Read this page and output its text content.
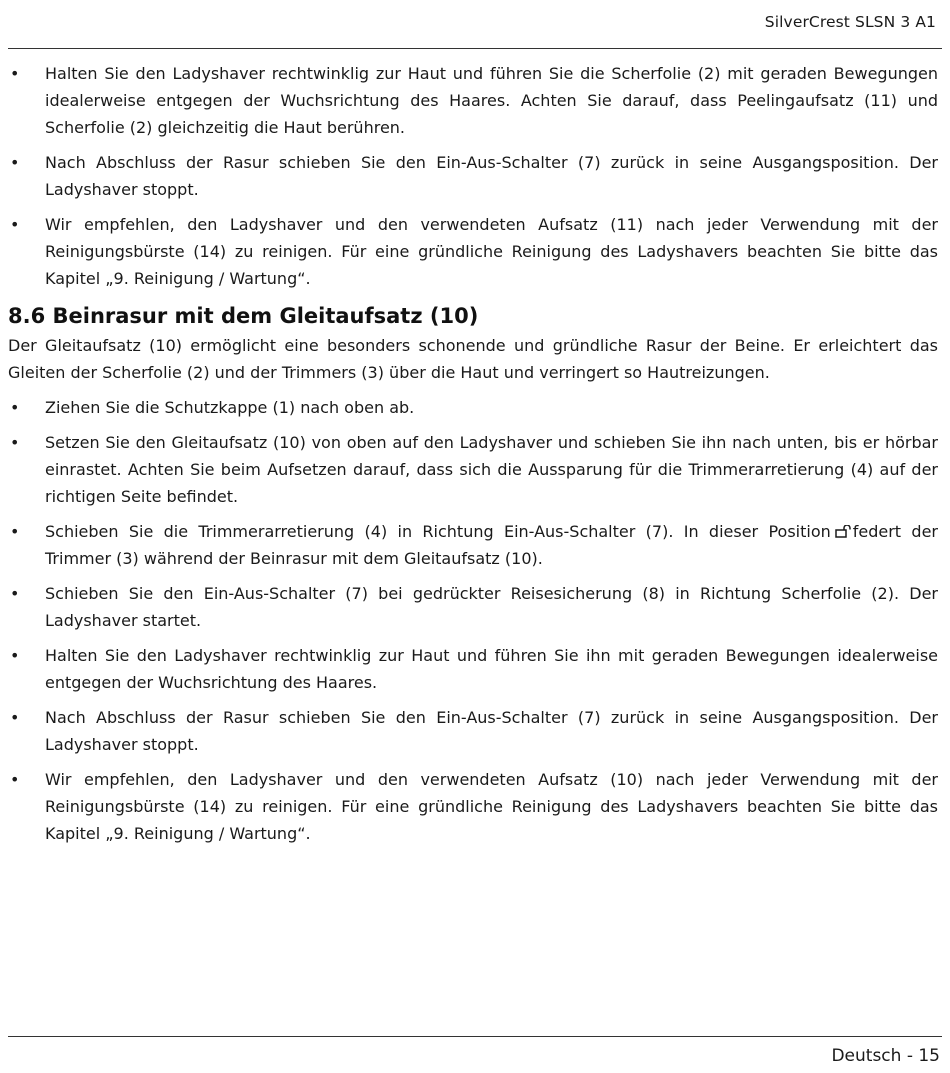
SilverCrest SLSN 3 A1
• Halten Sie den Ladyshaver rechtwinklig zur Haut und führen Sie die Scherfolie (2) mit geraden Bewegungen idealerweise entgegen der Wuchsrichtung des Haares. Achten Sie darauf, dass Peelingaufsatz (11) und Scherfolie (2) gleichzeitig die Haut berühren.
• Nach Abschluss der Rasur schieben Sie den Ein-Aus-Schalter (7) zurück in seine Ausgangsposition. Der Ladyshaver stoppt.
• Wir empfehlen, den Ladyshaver und den verwendeten Aufsatz (11) nach jeder Verwendung mit der Reinigungsbürste (14) zu reinigen. Für eine gründliche Reinigung des Ladyshavers beachten Sie bitte das Kapitel „9. Reinigung / Wartung“.
8.6 Beinrasur mit dem Gleitaufsatz (10)
Der Gleitaufsatz (10) ermöglicht eine besonders schonende und gründliche Rasur der Beine. Er erleichtert das Gleiten der Scherfolie (2) und der Trimmers (3) über die Haut und verringert so Hautreizungen.
• Ziehen Sie die Schutzkappe (1) nach oben ab.
• Setzen Sie den Gleitaufsatz (10) von oben auf den Ladyshaver und schieben Sie ihn nach unten, bis er hörbar einrastet. Achten Sie beim Aufsetzen darauf, dass sich die Aussparung für die Trimmerarretierung (4) auf der richtigen Seite befindet.
• Schieben Sie die Trimmerarretierung (4) in Richtung Ein-Aus-Schalter (7). In dieser Position federt der Trimmer (3) während der Beinrasur mit dem Gleitaufsatz (10).
• Schieben Sie den Ein-Aus-Schalter (7) bei gedrückter Reisesicherung (8) in Richtung Scherfolie (2). Der Ladyshaver startet.
• Halten Sie den Ladyshaver rechtwinklig zur Haut und führen Sie ihn mit geraden Bewegungen idealerweise entgegen der Wuchsrichtung des Haares.
• Nach Abschluss der Rasur schieben Sie den Ein-Aus-Schalter (7) zurück in seine Ausgangsposition. Der Ladyshaver stoppt.
• Wir empfehlen, den Ladyshaver und den verwendeten Aufsatz (10) nach jeder Verwendung mit der Reinigungsbürste (14) zu reinigen. Für eine gründliche Reinigung des Ladyshavers beachten Sie bitte das Kapitel „9. Reinigung / Wartung“.
Deutsch - 15
